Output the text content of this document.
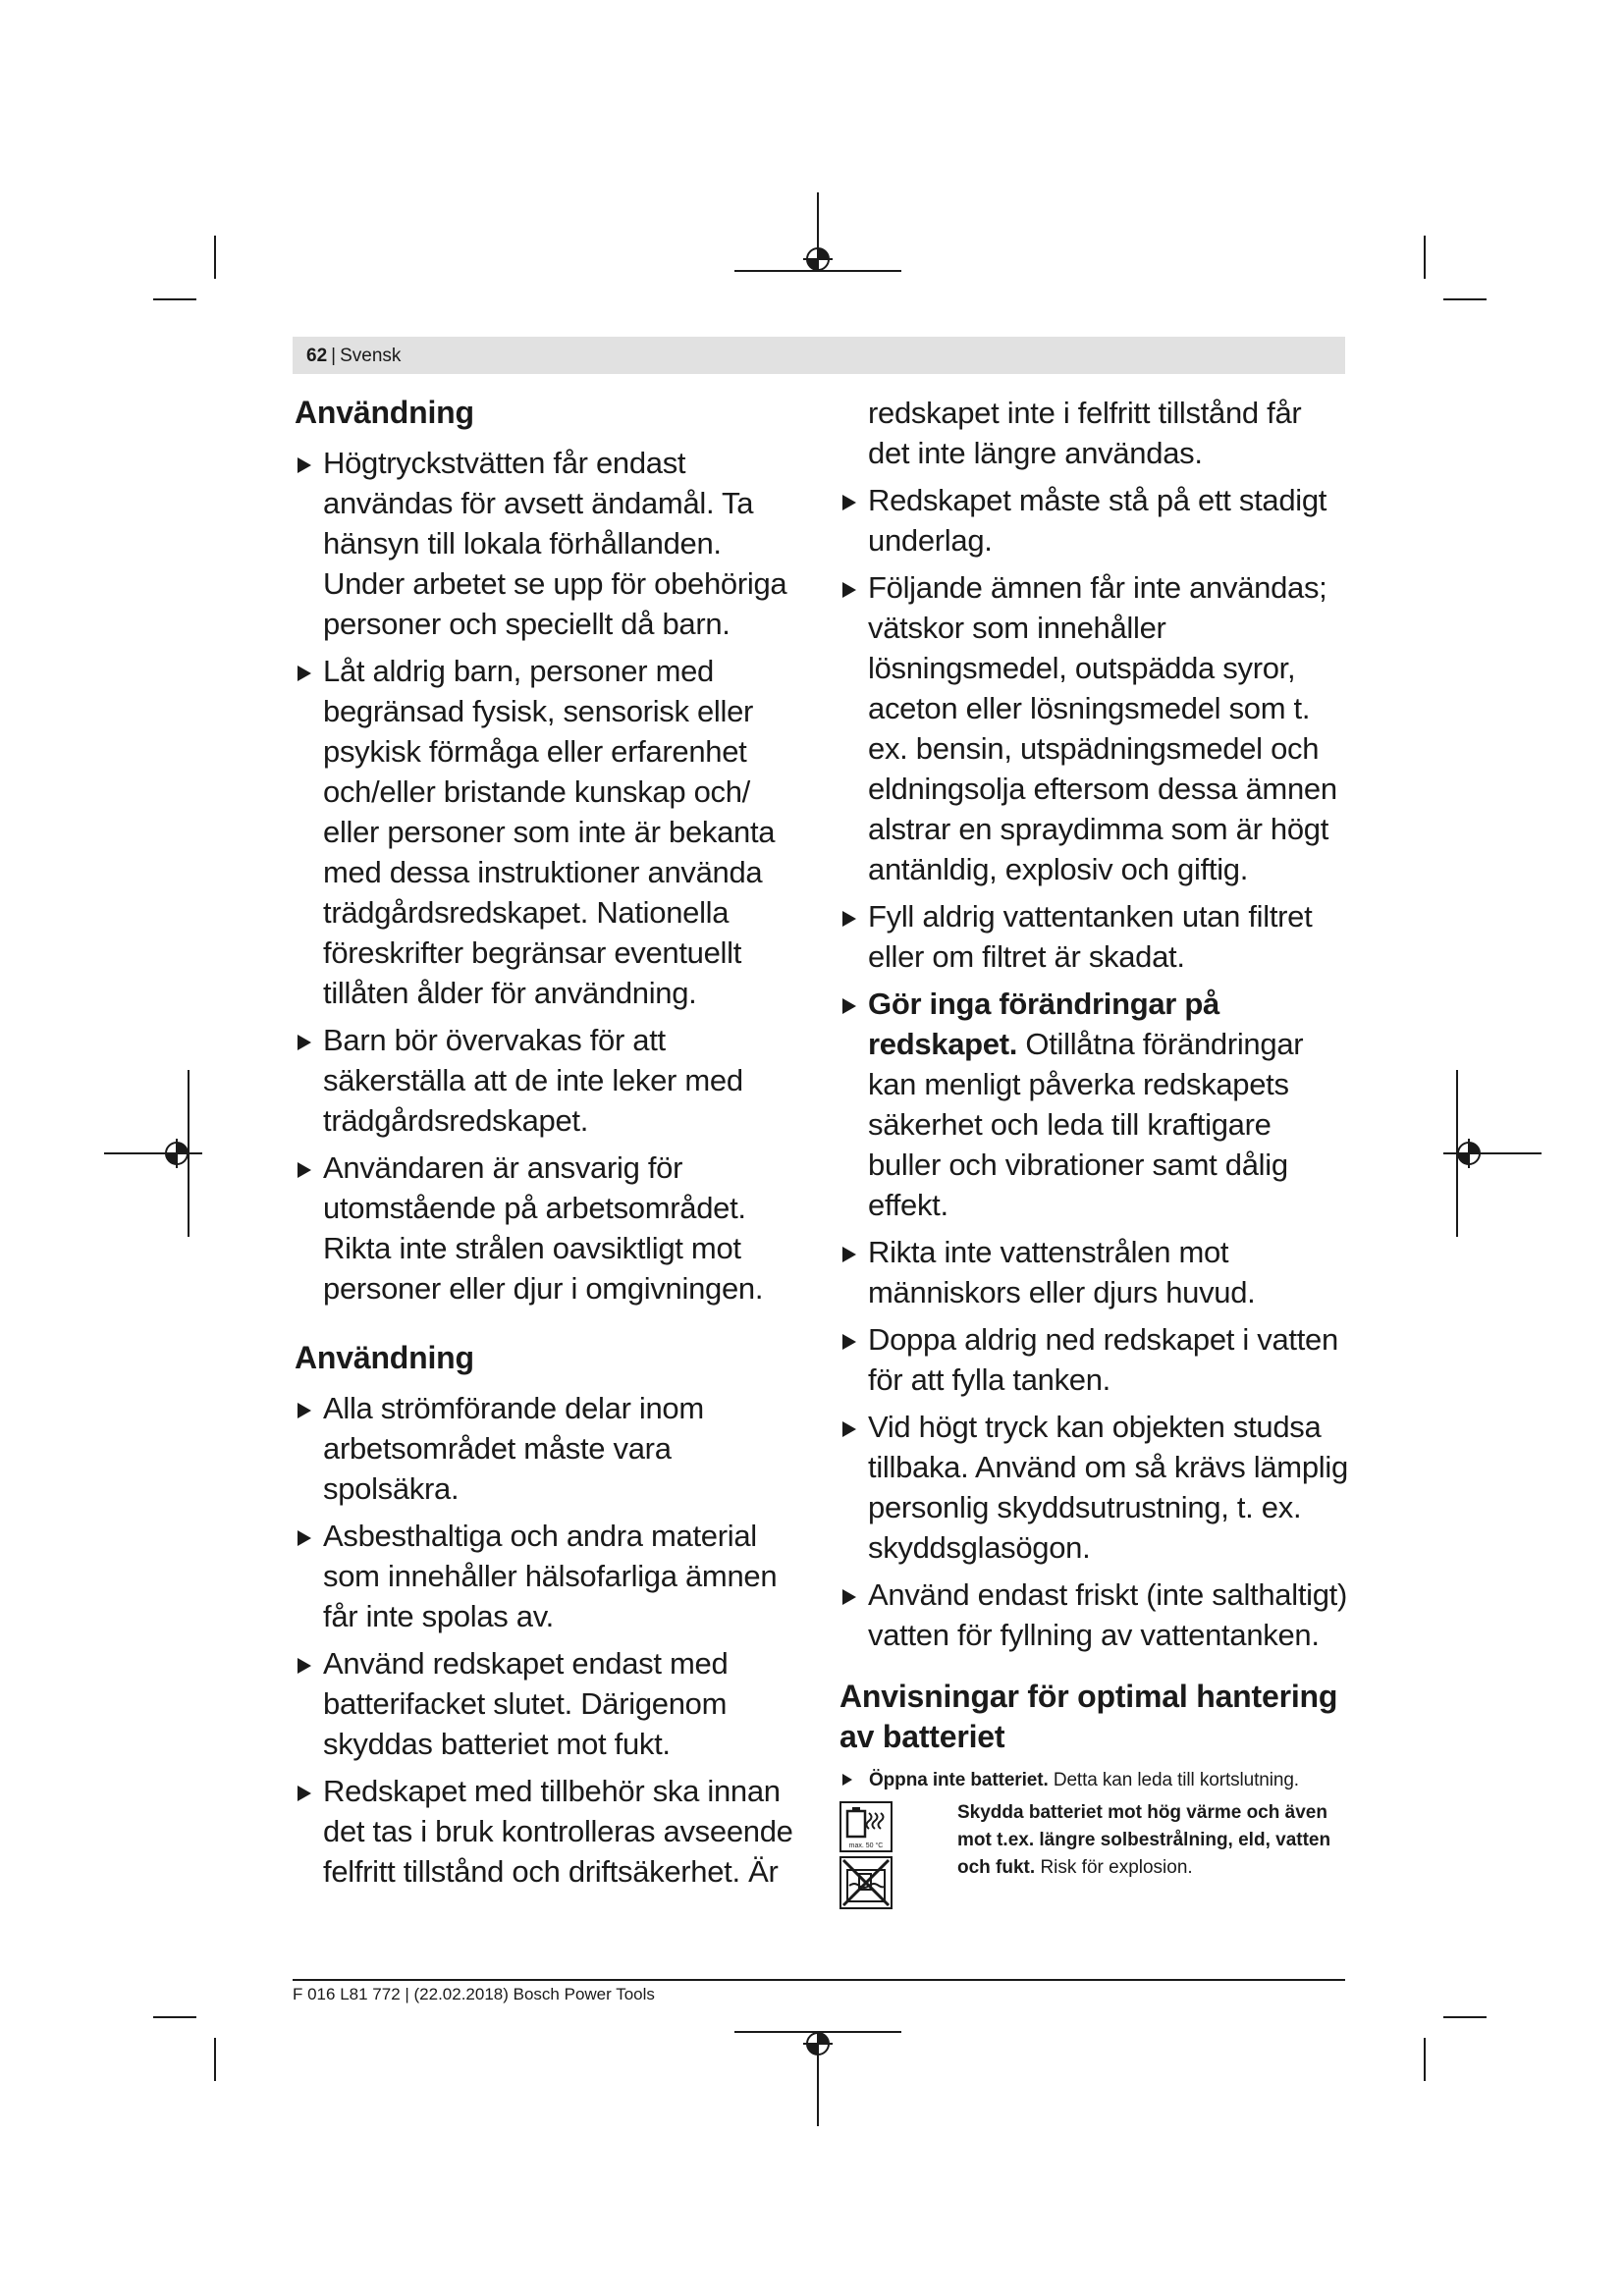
62 | Svensk
Användning
Högtryckstvätten får endast användas för avsett ändamål. Ta hänsyn till lokala förhållanden. Under arbetet se upp för obehöriga personer och speciellt då barn.
Låt aldrig barn, personer med begränsad fysisk, sensorisk eller psykisk förmåga eller erfarenhet och/eller bristande kunskap och/ eller personer som inte är bekanta med dessa instruktioner använda trädgårdsredskapet. Nationella föreskrifter begränsar eventuellt tillåten ålder för användning.
Barn bör övervakas för att säkerställa att de inte leker med trädgårdsredskapet.
Användaren är ansvarig för utomstående på arbetsområdet. Rikta inte strålen oavsiktligt mot personer eller djur i omgivningen.
Användning
Alla strömförande delar inom arbetsområdet måste vara spolsäkra.
Asbesthaltiga och andra material som innehåller hälsofarliga ämnen får inte spolas av.
Använd redskapet endast med batterifacket slutet. Därigenom skyddas batteriet mot fukt.
Redskapet med tillbehör ska innan det tas i bruk kontrolleras avseende felfritt tillstånd och driftsäkerhet. Är
redskapet inte i felfritt tillstånd får det inte längre användas.
Redskapet måste stå på ett stadigt underlag.
Följande ämnen får inte användas; vätskor som innehåller lösningsmedel, outspädda syror, aceton eller lösningsmedel som t. ex. bensin, utspädningsmedel och eldningsolja eftersom dessa ämnen alstrar en spraydimma som är högt antänldig, explosiv och giftig.
Fyll aldrig vattentanken utan filtret eller om filtret är skadat.
Gör inga förändringar på redskapet. Otillåtna förändringar kan menligt påverka redskapets säkerhet och leda till kraftigare buller och vibrationer samt dålig effekt.
Rikta inte vattenstrålen mot människors eller djurs huvud.
Doppa aldrig ned redskapet i vatten för att fylla tanken.
Vid högt tryck kan objekten studsa tillbaka. Använd om så krävs lämplig personlig skyddsutrustning, t. ex. skyddsglasögon.
Använd endast friskt (inte salthaltigt) vatten för fyllning av vattentanken.
Anvisningar för optimal hantering av batteriet
Öppna inte batteriet. Detta kan leda till kortslutning.
max. 50 °C
Skydda batteriet mot hög värme och även mot t.ex. längre solbestrålning, eld, vatten och fukt. Risk för explosion.
F 016 L81 772 | (22.02.2018) Bosch Power Tools
